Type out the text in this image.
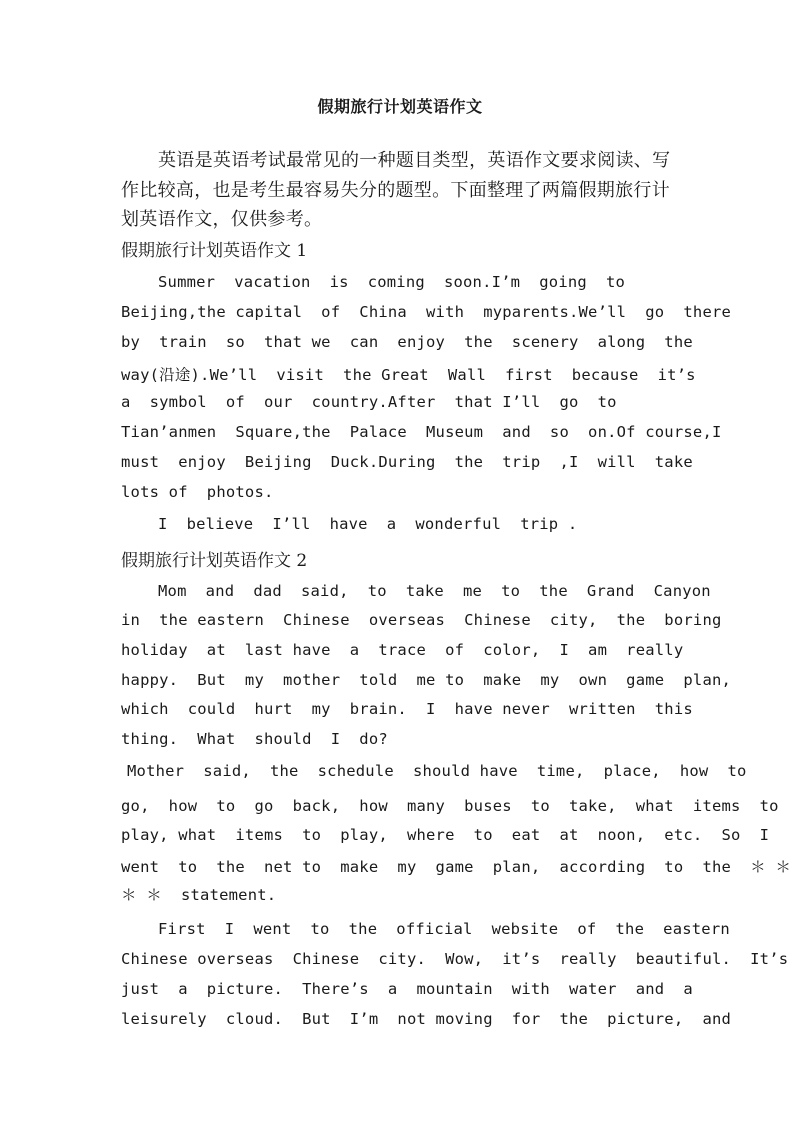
假期旅行计划英语作文
英语是英语考试最常见的一种题目类型，英语作文要求阅读、写
作比较高，也是考生最容易失分的题型。下面整理了两篇假期旅行计
划英语作文，仅供参考。
假期旅行计划英语作文 1
Summer  vacation  is  coming  soon.I’m  going  to
Beijing,the capital  of  China  with  myparents.We’ll  go  there
by  train  so  that we  can  enjoy  the  scenery  along  the
way(沿途).We’ll  visit  the Great  Wall  first  because  it’s
a  symbol  of  our  country.After  that I’ll  go  to
Tian’anmen  Square,the  Palace  Museum  and  so  on.Of course,I
must  enjoy  Beijing  Duck.During  the  trip  ,I  will  take
lots of  photos.
I  believe  I’ll  have  a  wonderful  trip .
假期旅行计划英语作文 2
Mom  and  dad  said,  to  take  me  to  the  Grand  Canyon
in  the eastern  Chinese  overseas  Chinese  city,  the  boring
holiday  at  last have  a  trace  of  color,  I  am  really
happy.  But  my  mother  told  me to  make  my  own  game  plan,
which  could  hurt  my  brain.  I  have never  written  this
thing.  What  should  I  do?
Mother  said,  the  schedule  should have  time,  place,  how  to
go,  how  to  go  back,  how  many  buses  to  take,  what  items  to
play, what  items  to  play,  where  to  eat  at  noon,  etc.  So  I
went  to  the  net to  make  my  game  plan,  according  to  the  ＊ ＊
＊ ＊  statement.
First  I  went  to  the  official  website  of  the  eastern
Chinese overseas  Chinese  city.  Wow,  it’s  really  beautiful.  It’s
just  a  picture.  There’s  a  mountain  with  water  and  a
leisurely  cloud.  But  I’m  not moving  for  the  picture,  and
